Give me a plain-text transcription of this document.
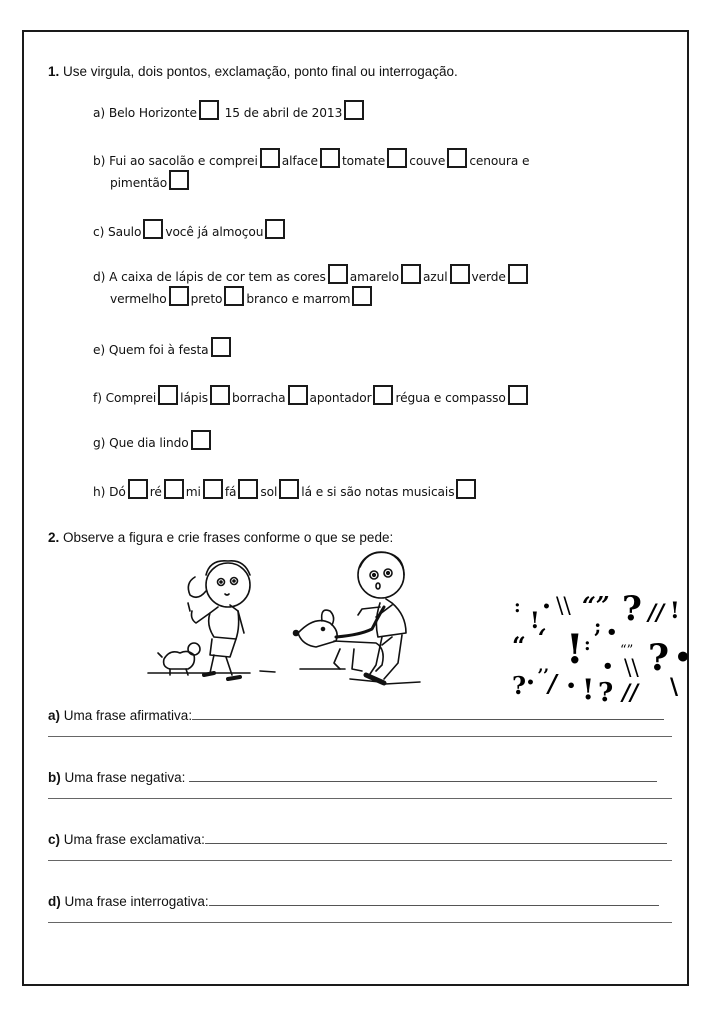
1. Use virgula, dois pontos, exclamação, ponto final ou interrogação.
a) Belo Horizonte 15 de abril de 2013
b) Fui ao sacolão e comprei alface tomate couve cenoura e
pimentão
c) Saulo você já almoçou
d) A caixa de lápis de cor tem as cores amarelo azul verde
vermelho preto branco e marrom
e) Quem foi à festa
f) Comprei lápis borracha apontador régua e compasso
g) Que dia lindo
h) Dó ré mi fá sol lá e si são notas musicais
2. Observe a figura e crie frases conforme o que se pede:
:
!
• \\ “” ? // !
‘
“
; •
! : “” ? •
,,	• \\
? • / • ! ? // \
a) Uma frase afirmativa:
b) Uma frase negativa:
c) Uma frase exclamativa:
d) Uma frase interrogativa:
